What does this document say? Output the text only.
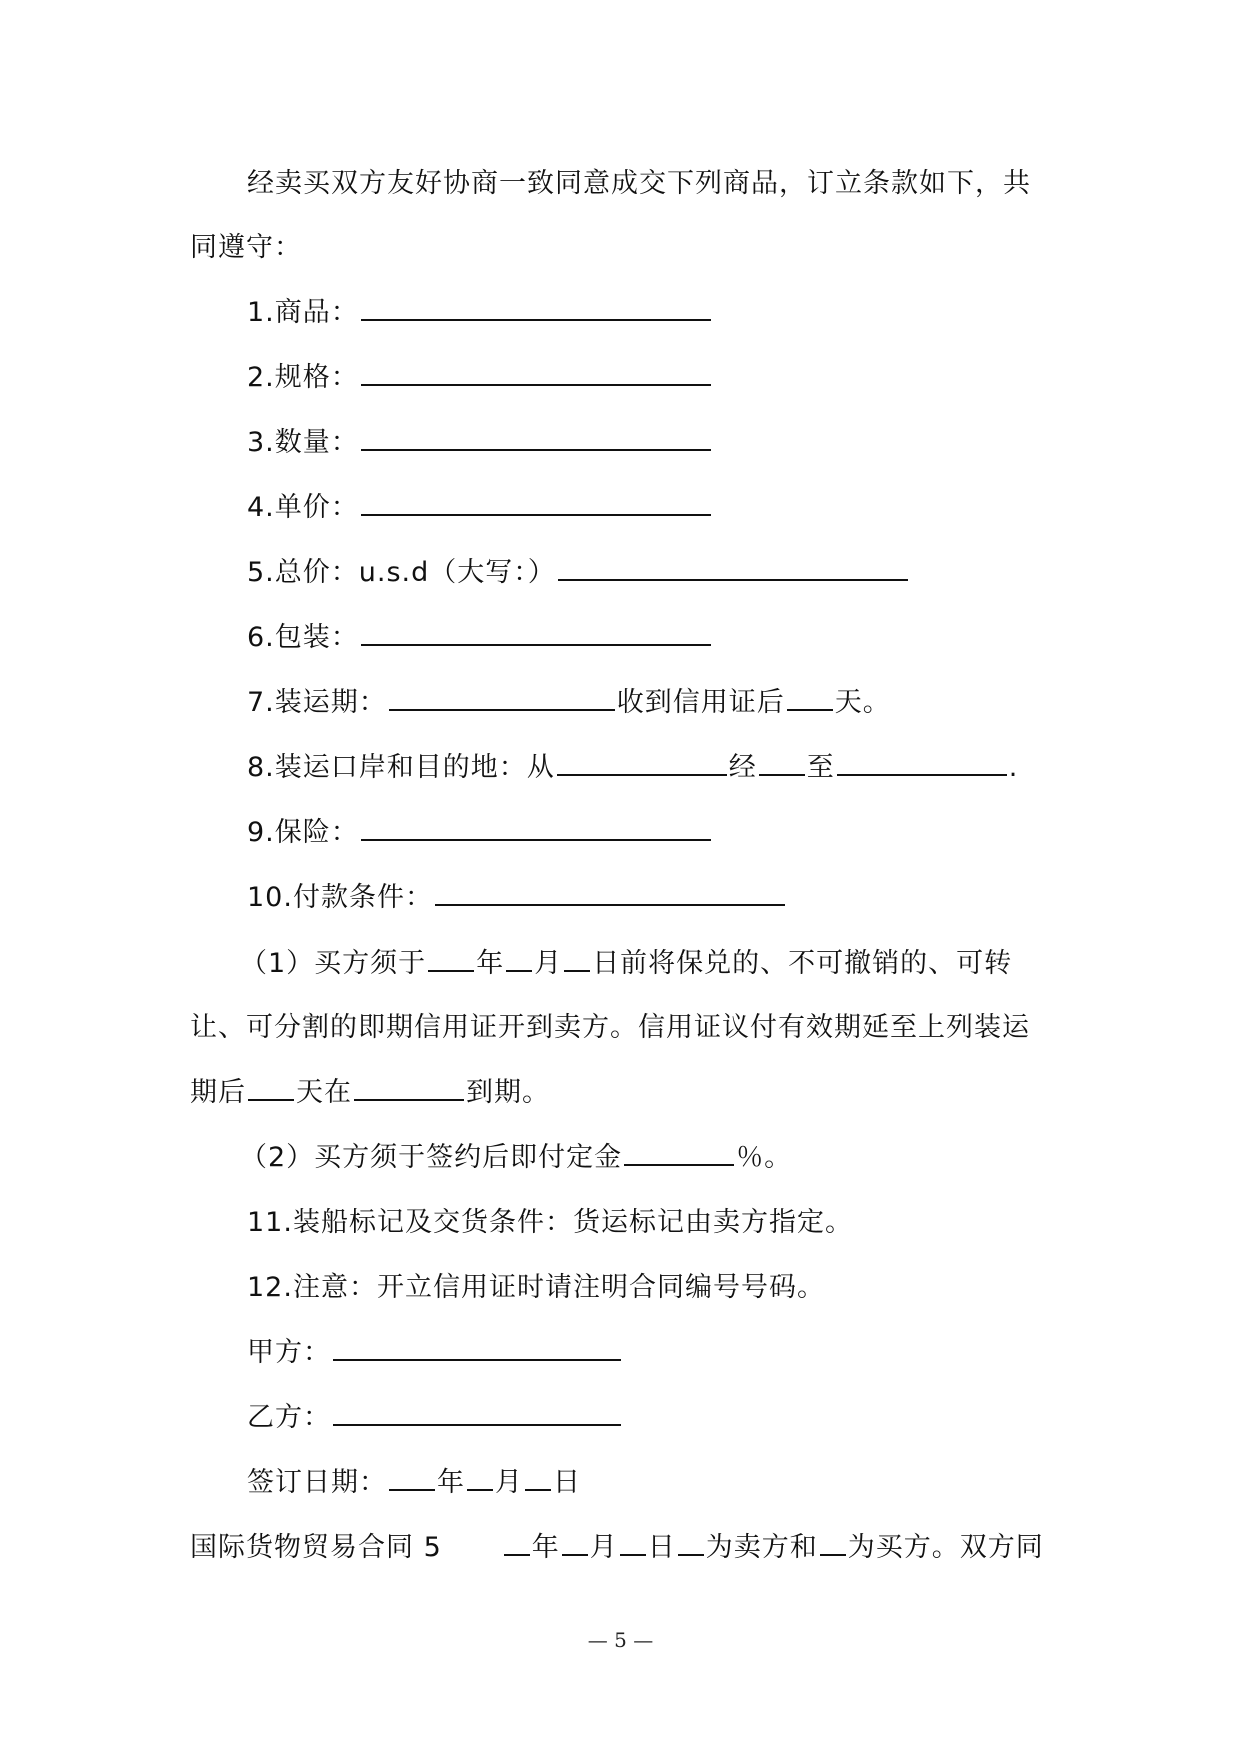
经卖买双方友好协商一致同意成交下列商品，订立条款如下，共
同遵守：
1.商品：
2.规格：
3.数量：
4.单价：
5.总价：u.s.d（大写：）
6.包装：
7.装运期：	收到信用证后 天。
8.装运口岸和目的地：从	经 至	.
9.保险：
10.付款条件：
（1）买方须于 年 月 日前将保兑的、不可撤销的、可转
让、可分割的即期信用证开到卖方。信用证议付有效期延至上列装运
期后 天在	到期。
（2）买方须于签约后即付定金	％。
11.装船标记及交货条件：货运标记由卖方指定。
12.注意：开立信用证时请注明合同编号号码。
甲方：
乙方：
签订日期： 年 月 日
国际货物贸易合同 5	年 月 日 为卖方和 为买方。双方同
— 5 —
